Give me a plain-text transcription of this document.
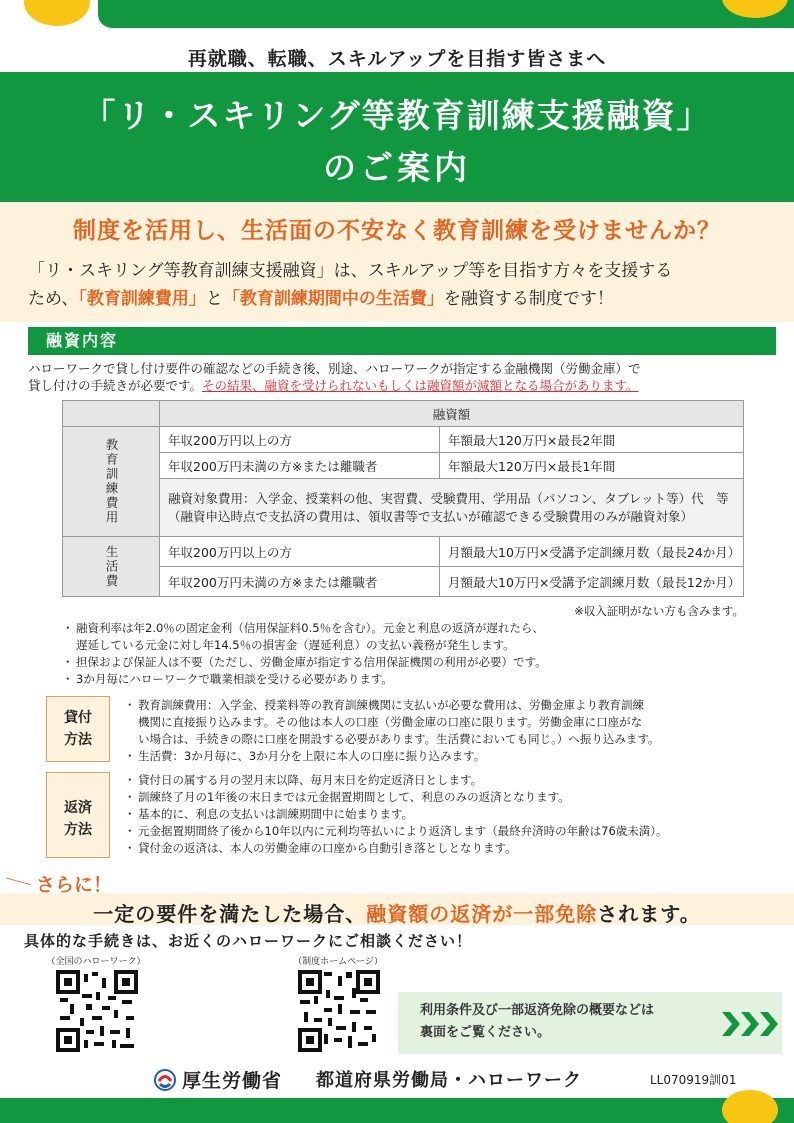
再就職、転職、スキルアップを目指す皆さまへ
「リ・スキリング等教育訓練支援融資」
のご案内
制度を活用し、生活面の不安なく教育訓練を受けませんか？
「リ・スキリング等教育訓練支援融資」は、スキルアップ等を目指す方々を支援する
ため、「教育訓練費用」と「教育訓練期間中の生活費」を融資する制度です！
融資内容
ハローワークで貸し付け要件の確認などの手続き後、別途、ハローワークが指定する金融機関（労働金庫）で
貸し付けの手続きが必要です。その結果、融資を受けられないもしくは融資額が減額となる場合があります。
	融資額	

教育訓練費用	年収200万円以上の方	年額最大120万円×最長2年間
	年収200万円未満の方※または離職者	年額最大120万円×最長1年間

	融資対象費用：入学金、授業料の他、実習費、受験費用、学用品（パソコン、タブレット等）代　等
（融資申込時点で支払済の費用は、領収書等で支払いが確認できる受験費用のみが融資対象）	

生活費	年収200万円以上の方	月額最大10万円×受講予定訓練月数（最長24か月）
	年収200万円未満の方※または離職者	月額最大10万円×受講予定訓練月数（最長12か月）
※収入証明がない方も含みます。
・ 融資利率は年2.0％の固定金利（信用保証料0.5％を含む）。元金と利息の返済が遅れたら、
遅延している元金に対し年14.5％の損害金（遅延利息）の支払い義務が発生します。
・ 担保および保証人は不要（ただし、労働金庫が指定する信用保証機関の利用が必要）です。
・ 3か月毎にハローワークで職業相談を受ける必要があります。
貸付
方法
・ 教育訓練費用：入学金、授業料等の教育訓練機関に支払いが必要な費用は、労働金庫より教育訓練
機関に直接振り込みます。その他は本人の口座（労働金庫の口座に限ります。労働金庫に口座がな
い場合は、手続きの際に口座を開設する必要があります。生活費においても同じ。）へ振り込みます。
・ 生活費：3か月毎に、3か月分を上限に本人の口座に振り込みます。
返済
方法
・ 貸付日の属する月の翌月末以降、毎月末日を約定返済日とします。
・ 訓練終了月の1年後の末日までは元金据置期間として、利息のみの返済となります。
・ 基本的に、利息の支払いは訓練期間中に始まります。
・ 元金据置期間終了後から10年以内に元利均等払いにより返済します（最終弁済時の年齢は76歳未満）。
・ 貸付金の返済は、本人の労働金庫の口座から自動引き落としとなります。
＼ さらに！
一定の要件を満たした場合、融資額の返済が一部免除されます。
具体的な手続きは、お近くのハローワークにご相談ください！
（全国のハローワーク）	（制度ホームページ）
利用条件及び一部返済免除の概要などは
裏面をご覧ください。
厚生労働省 都道府県労働局・ハローワーク	LL070919訓01
